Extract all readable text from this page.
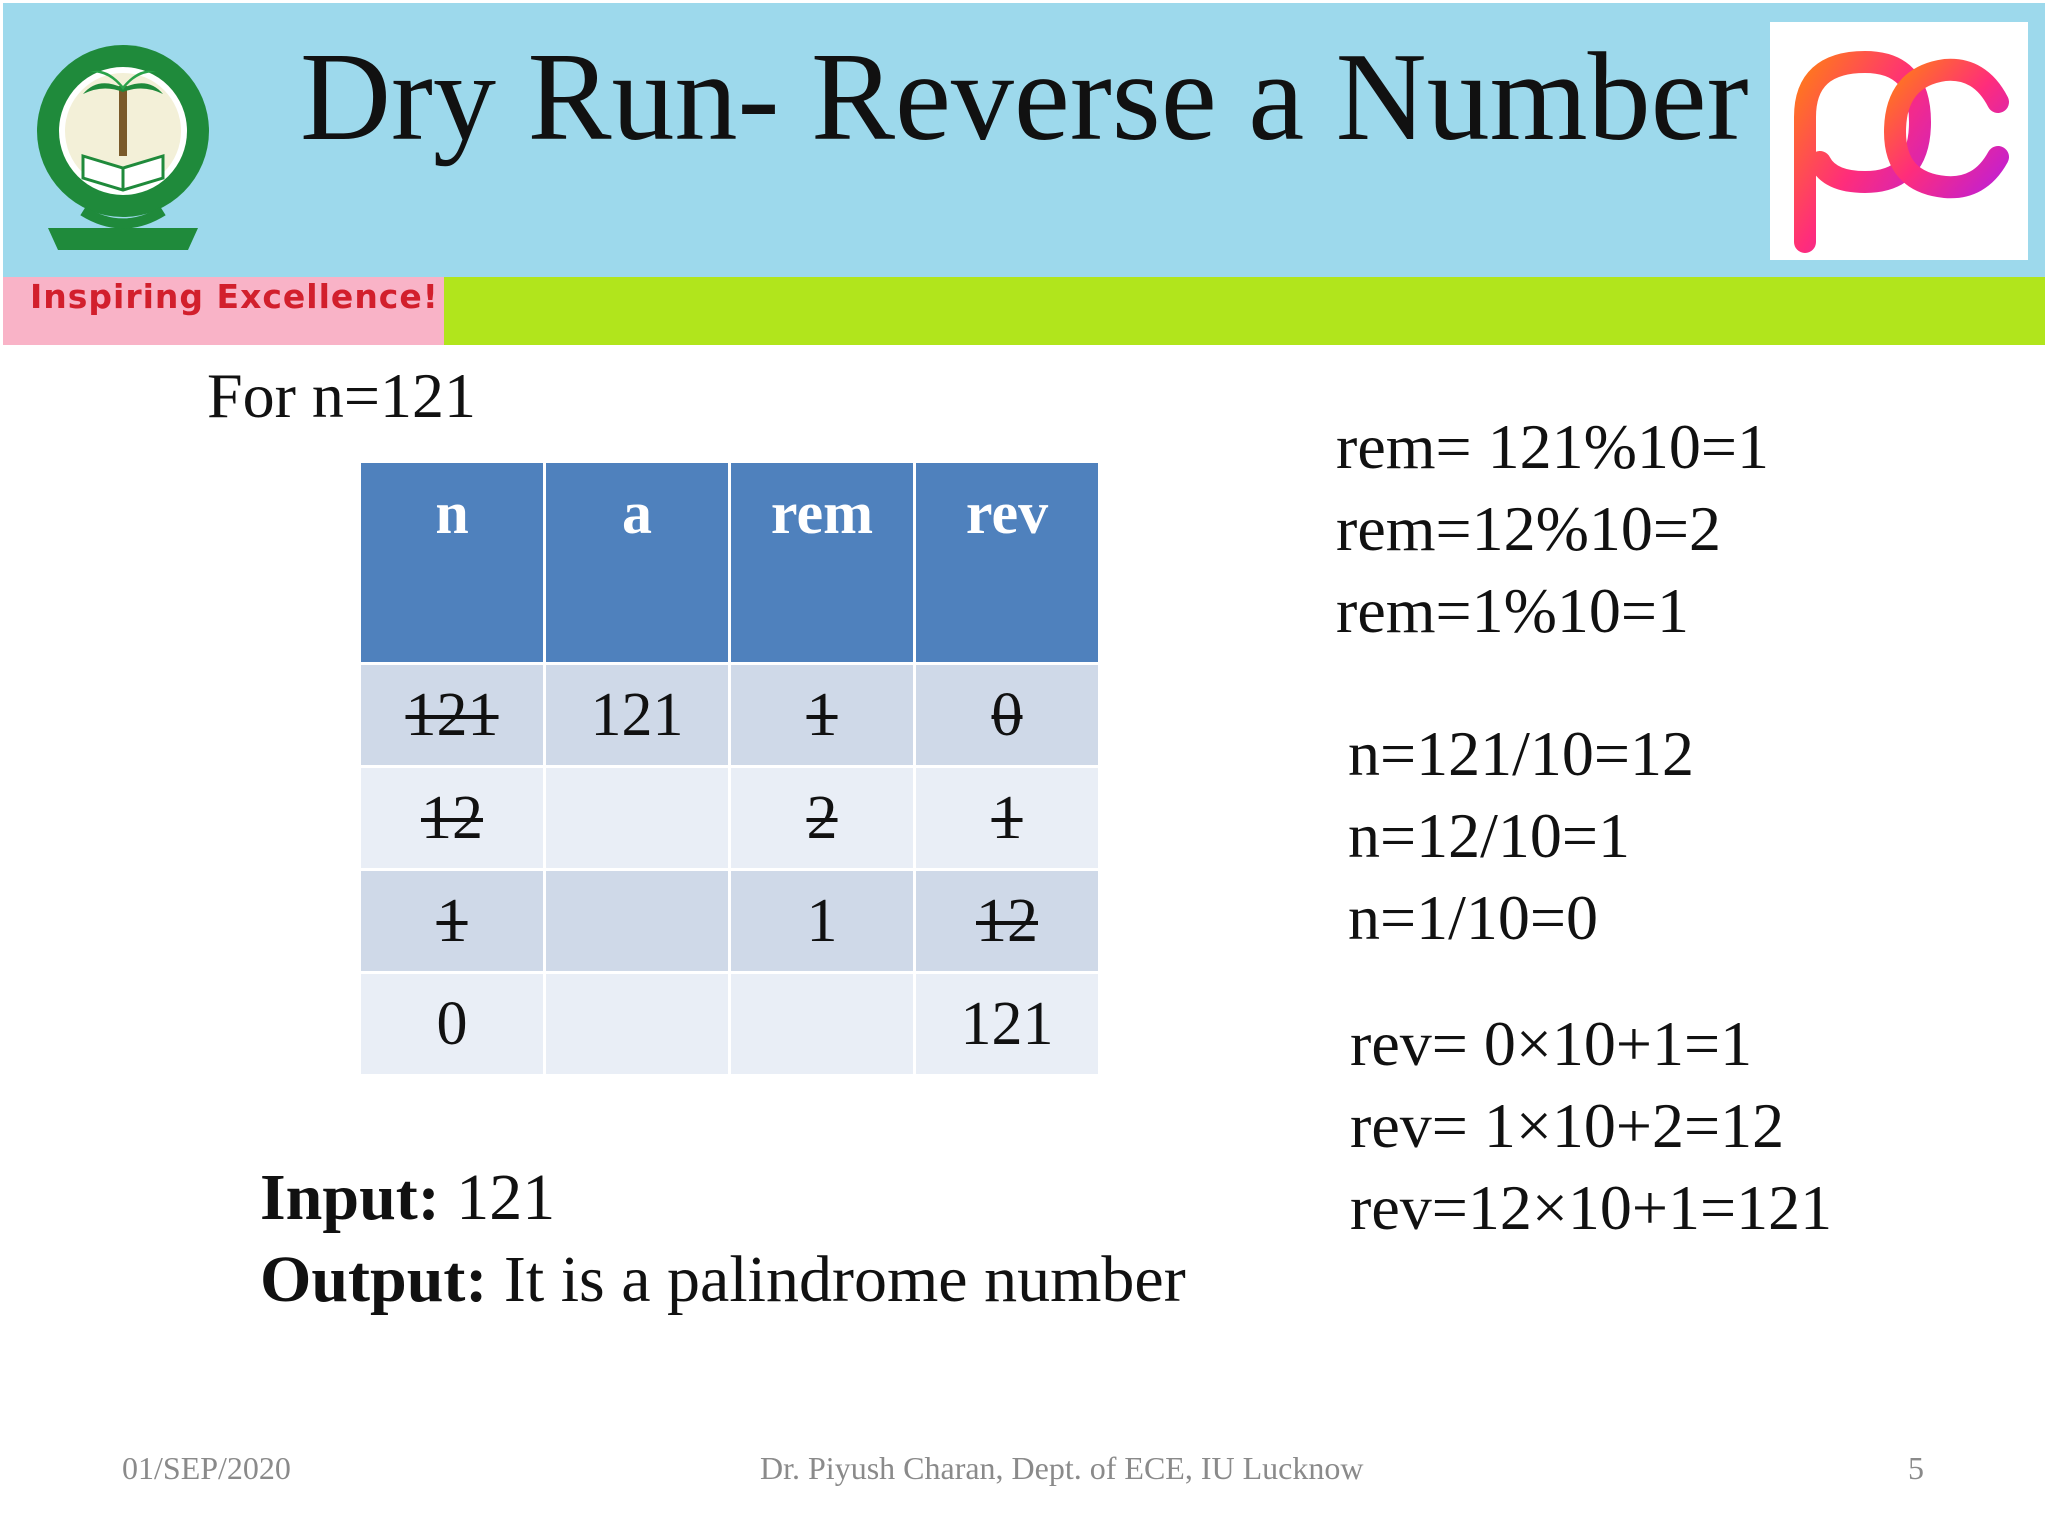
Inspiring Excellence!
Dry Run- Reverse a Number
For n=121
n	a	rem	rev
121	121	1	0
12		2	1
1		1	12
0			121
Input: 121
Output: It is a palindrome number
rem= 121%10=1
rem=12%10=2
rem=1%10=1
n=121/10=12
n=12/10=1
n=1/10=0
rev= 0×10+1=1
rev= 1×10+2=12
rev=12×10+1=121
01/SEP/2020	Dr. Piyush Charan, Dept. of ECE, IU Lucknow	5
